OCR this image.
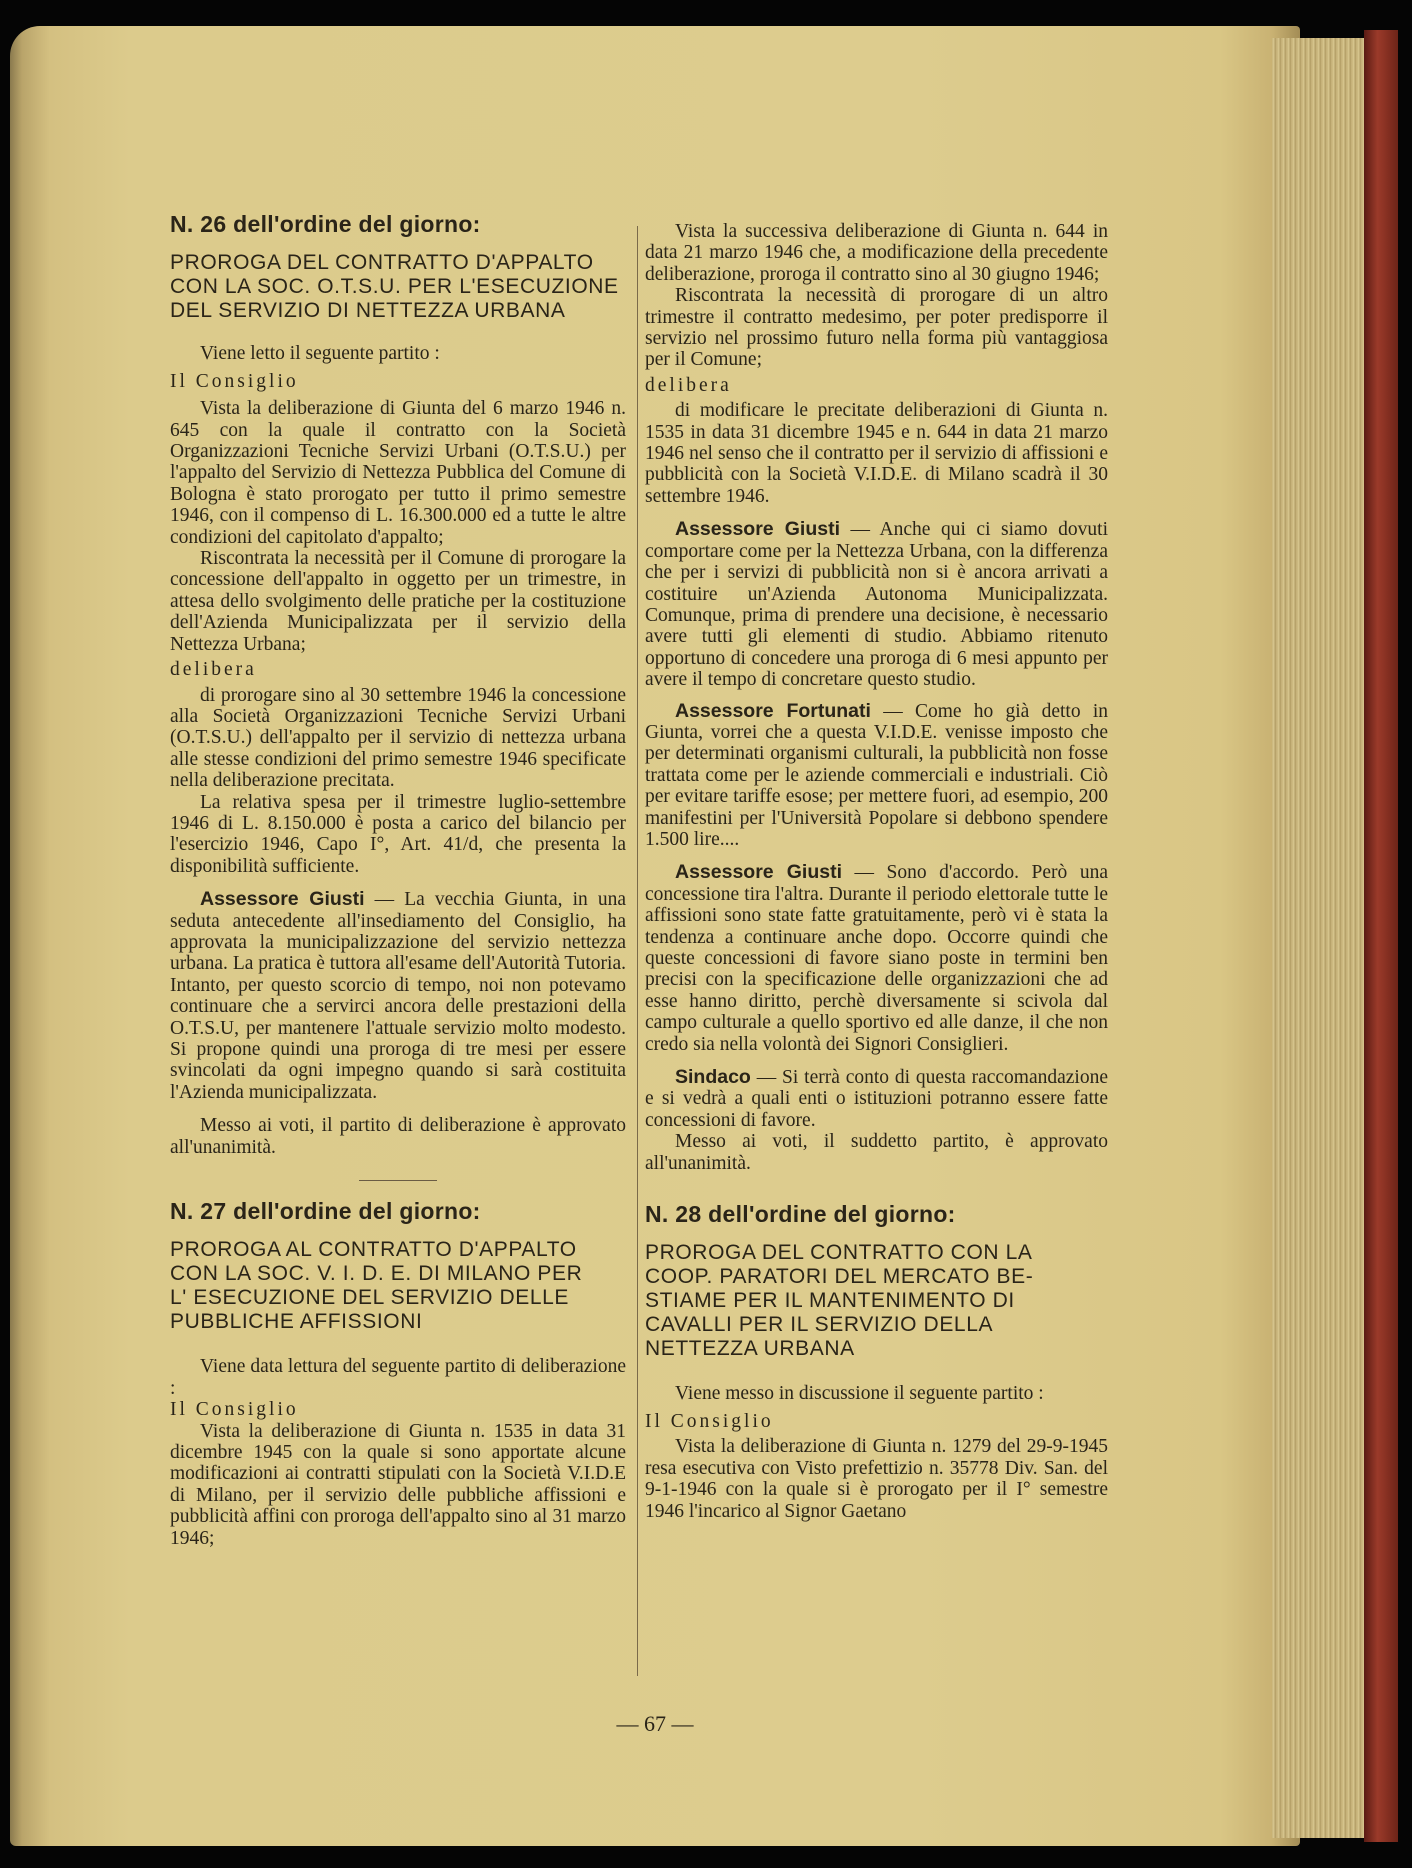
N. 26 dell'ordine del giorno:

PROROGA DEL CONTRATTO D'APPALTO

CON LA SOC. O.T.S.U. PER L'ESECUZIONE

DEL SERVIZIO DI NETTEZZA URBANA

Viene letto il seguente partito :

Il Consiglio

Vista la deliberazione di Giunta del 6 marzo 1946 n. 645 con la quale il contratto con la Società Organizzazioni Tecniche Servizi Urbani (O.T.S.U.) per l'appalto del Servizio di Nettezza Pubblica del Comune di Bologna è stato prorogato per tutto il primo semestre 1946, con il compenso di L. 16.300.000 ed a tutte le altre condizioni del capitolato d'appalto;

Riscontrata la necessità per il Comune di prorogare la concessione dell'appalto in oggetto per un trimestre, in attesa dello svolgimento delle pratiche per la costituzione dell'Azienda Municipalizzata per il servizio della Nettezza Urbana;

delibera

di prorogare sino al 30 settembre 1946 la concessione alla Società Organizzazioni Tecniche Servizi Urbani (O.T.S.U.) dell'appalto per il servizio di nettezza urbana alle stesse condizioni del primo semestre 1946 specificate nella deliberazione precitata.

La relativa spesa per il trimestre luglio-settembre 1946 di L. 8.150.000 è posta a carico del bilancio per l'esercizio 1946, Capo I°, Art. 41/d, che presenta la disponibilità sufficiente.

Assessore Giusti — La vecchia Giunta, in una seduta antecedente all'insediamento del Consiglio, ha approvata la municipalizzazione del servizio nettezza urbana. La pratica è tuttora all'esame dell'Autorità Tutoria. Intanto, per questo scorcio di tempo, noi non potevamo continuare che a servirci ancora delle prestazioni della O.T.S.U, per mantenere l'attuale servizio molto modesto. Si propone quindi una proroga di tre mesi per essere svincolati da ogni impegno quando si sarà costituita l'Azienda municipalizzata.

Messo ai voti, il partito di deliberazione è approvato all'unanimità.

N. 27 dell'ordine del giorno:

PROROGA AL CONTRATTO D'APPALTO

CON LA SOC. V. I. D. E. DI MILANO PER

L' ESECUZIONE DEL SERVIZIO DELLE

PUBBLICHE AFFISSIONI

Viene data lettura del seguente partito di deliberazione :

Il Consiglio

Vista la deliberazione di Giunta n. 1535 in data 31 dicembre 1945 con la quale si sono apportate alcune modificazioni ai contratti stipulati con la Società V.I.D.E di Milano, per il servizio delle pubbliche affissioni e pubblicità affini con proroga dell'appalto sino al 31 marzo 1946;

Vista la successiva deliberazione di Giunta n. 644 in data 21 marzo 1946 che, a modificazione della precedente deliberazione, proroga il contratto sino al 30 giugno 1946;

Riscontrata la necessità di prorogare di un altro trimestre il contratto medesimo, per poter predisporre il servizio nel prossimo futuro nella forma più vantaggiosa per il Comune;

delibera

di modificare le precitate deliberazioni di Giunta n. 1535 in data 31 dicembre 1945 e n. 644 in data 21 marzo 1946 nel senso che il contratto per il servizio di affissioni e pubblicità con la Società V.I.D.E. di Milano scadrà il 30 settembre 1946.

Assessore Giusti — Anche qui ci siamo dovuti comportare come per la Nettezza Urbana, con la differenza che per i servizi di pubblicità non si è ancora arrivati a costituire un'Azienda Autonoma Municipalizzata. Comunque, prima di prendere una decisione, è necessario avere tutti gli elementi di studio. Abbiamo ritenuto opportuno di concedere una proroga di 6 mesi appunto per avere il tempo di concretare questo studio.

Assessore Fortunati — Come ho già detto in Giunta, vorrei che a questa V.I.D.E. venisse imposto che per determinati organismi culturali, la pubblicità non fosse trattata come per le aziende commerciali e industriali. Ciò per evitare tariffe esose; per mettere fuori, ad esempio, 200 manifestini per l'Università Popolare si debbono spendere 1.500 lire....

Assessore Giusti — Sono d'accordo. Però una concessione tira l'altra. Durante il periodo elettorale tutte le affissioni sono state fatte gratuitamente, però vi è stata la tendenza a continuare anche dopo. Occorre quindi che queste concessioni di favore siano poste in termini ben precisi con la specificazione delle organizzazioni che ad esse hanno diritto, perchè diversamente si scivola dal campo culturale a quello sportivo ed alle danze, il che non credo sia nella volontà dei Signori Consiglieri.

Sindaco — Si terrà conto di questa raccomandazione e si vedrà a quali enti o istituzioni potranno essere fatte concessioni di favore.

Messo ai voti, il suddetto partito, è approvato all'unanimità.

N. 28 dell'ordine del giorno:

PROROGA DEL CONTRATTO CON LA

COOP. PARATORI DEL MERCATO BE-

STIAME PER IL MANTENIMENTO DI

CAVALLI PER IL SERVIZIO DELLA

NETTEZZA URBANA

Viene messo in discussione il seguente partito :

Il Consiglio

Vista la deliberazione di Giunta n. 1279 del 29-9-1945 resa esecutiva con Visto prefettizio n. 35778 Div. San. del 9-1-1946 con la quale si è prorogato per il I° semestre 1946 l'incarico al Signor Gaetano

— 67 —
